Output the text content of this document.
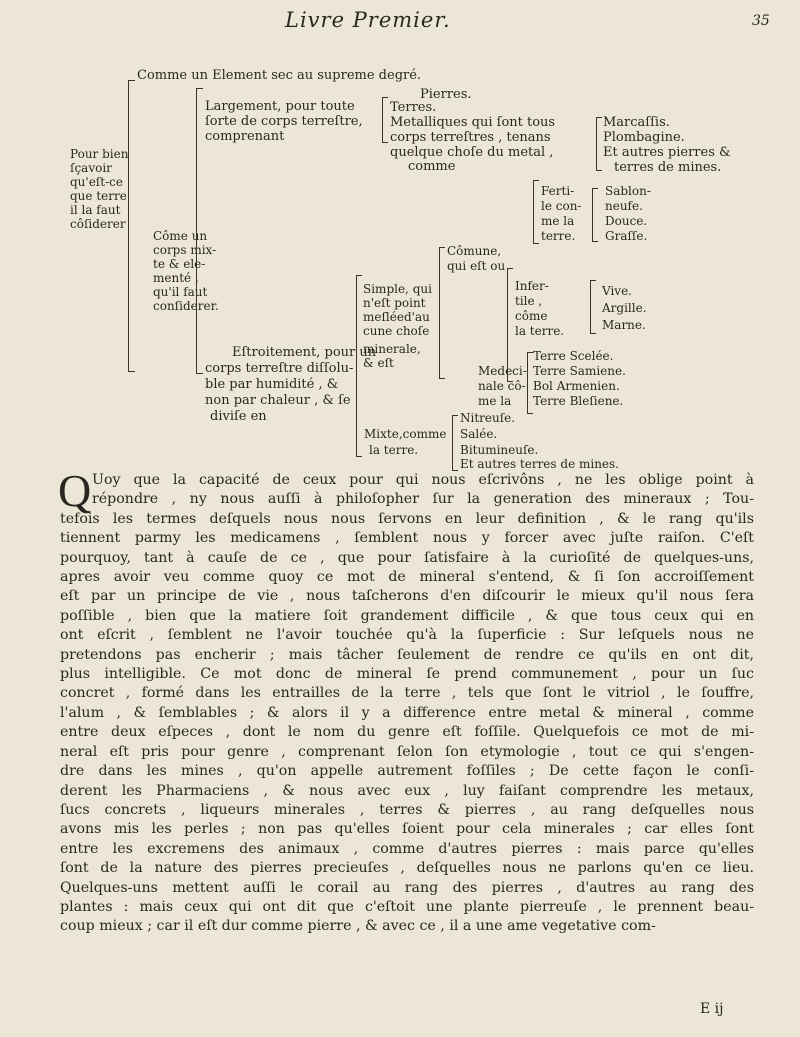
Livre Premier.	35
Comme un Element sec au supreme degré.
Pour bien
ſçavoir
qu'eſt-ce
que terre
il la faut
côſiderer
Côme un
corps mix-
te & ele-
menté ,
qu'il faut
conſiderer.
Largement, pour toute
ſorte de corps terreſtre,
comprenant
Pierres.
Terres.
Metalliques qui ſont tous
corps terreſtres , tenans
quelque choſe du metal ,
comme
Marcaſſis.
Plombagine.
Et autres pierres &
terres de mines.
Ferti-
le con-
me la
terre.
Sablon-
neufe.
Douce.
Graſſe.
Eſtroitement, pour un
corps terreſtre diſſolu-
ble par humidité , &
non par chaleur , & ſe
diviſe en
Simple, qui
n'eſt point
meſléed'au
cune choſe
minerale,
& eſt
Cômune,
qui eſt ou
Infer-
tile ,
côme
la terre.
Vive.
Argille.
Marne.
Medeci-
nale cô-
me la
Terre Scelée.
Terre Samiene.
Bol Armenien.
Terre Bleſiene.
Mixte,comme
la terre.
Nitreuſe.
Salée.
Bitumineuſe.
Et autres terres de mines.
Q Uoy que la capacité de ceux pour qui nous eſcrivôns , ne les oblige point à
répondre , ny nous auſſi à philoſopher ſur la generation des mineraux ; Tou-
tefois les termes deſquels nous nous ſervons en leur definition , & le rang qu'ils
tiennent parmy les medicamens , ſemblent nous y forcer avec juſte raiſon. C'eſt
pourquoy, tant à cauſe de ce , que pour ſatisfaire à la curioſité de quelques-uns,
apres avoir veu comme quoy ce mot de mineral s'entend, & ſi ſon accroiſſement
eſt par un principe de vie , nous taſcherons d'en diſcourir le mieux qu'il nous ſera
poſſible , bien que la matiere ſoit grandement difficile , & que tous ceux qui en
ont eſcrit , ſemblent ne l'avoir touchée qu'à la ſuperficie : Sur leſquels nous ne
pretendons pas encherir ; mais tâcher ſeulement de rendre ce qu'ils en ont dit,
plus intelligible. Ce mot donc de mineral ſe prend communement , pour un ſuc
concret , formé dans les entrailles de la terre , tels que ſont le vitriol , le ſouffre,
l'alum , & ſemblables ; & alors il y a difference entre metal & mineral , comme
entre deux eſpeces , dont le nom du genre eſt foſſile. Quelquefois ce mot de mi-
neral eſt pris pour genre , comprenant ſelon ſon etymologie , tout ce qui s'engen-
dre dans les mines , qu'on appelle autrement foſſiles ; De cette façon le conſi-
derent les Pharmaciens , & nous avec eux , luy faiſant comprendre les metaux,
ſucs concrets , liqueurs minerales , terres & pierres , au rang deſquelles nous
avons mis les perles ; non pas qu'elles ſoient pour cela minerales ; car elles ſont
entre les excremens des animaux , comme d'autres pierres : mais parce qu'elles
ſont de la nature des pierres precieuſes , deſquelles nous ne parlons qu'en ce lieu.
Quelques-uns mettent auſſi le corail au rang des pierres , d'autres au rang des
plantes : mais ceux qui ont dit que c'eſtoit une plante pierreuſe , le prennent beau-
coup mieux ; car il eſt dur comme pierre , & avec ce , il a une ame vegetative com-
E ij
